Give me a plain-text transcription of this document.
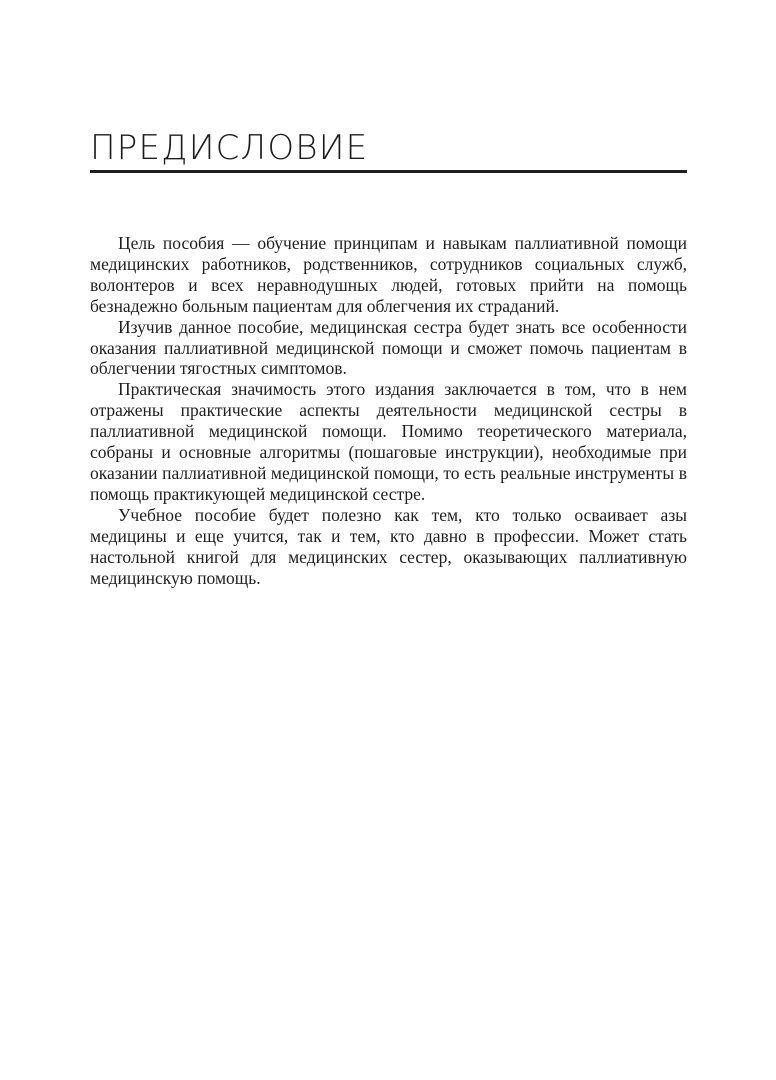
ПРЕДИСЛОВИЕ

Цель пособия — обучение принципам и навыкам паллиативной помощи медицинских работников, родственников, сотрудников социальных служб, волонтеров и всех неравнодушных людей, готовых прийти на помощь безнадежно больным пациентам для облегчения их страданий.

Изучив данное пособие, медицинская сестра будет знать все особенности оказания паллиативной медицинской помощи и сможет помочь пациентам в облегчении тягостных симптомов.

Практическая значимость этого издания заключается в том, что в нем отражены практические аспекты деятельности медицинской сестры в паллиативной медицинской помощи. Помимо теоретического материала, собраны и основные алгоритмы (пошаговые инструкции), необходимые при оказании паллиативной медицинской помощи, то есть реальные инструменты в помощь практикующей медицинской сестре.

Учебное пособие будет полезно как тем, кто только осваивает азы медицины и еще учится, так и тем, кто давно в профессии. Может стать настольной книгой для медицинских сестер, оказывающих паллиативную медицинскую помощь.
